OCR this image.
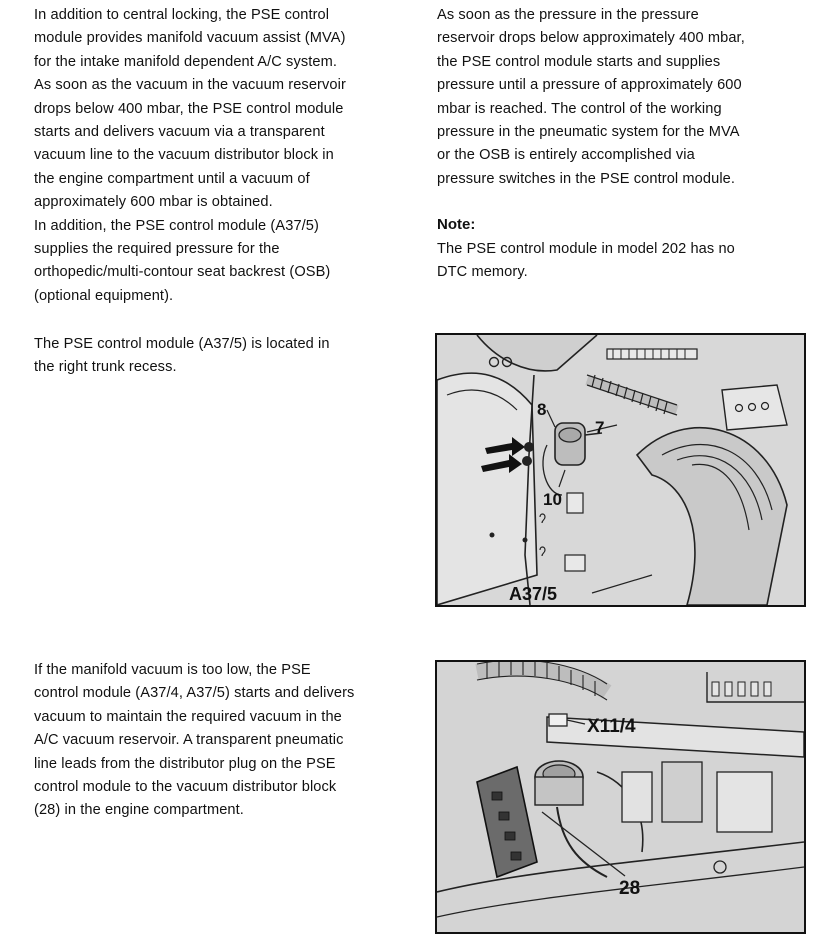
In addition to central locking, the PSE control
module provides manifold vacuum assist (MVA)
for the intake manifold dependent A/C system.
As soon as the vacuum in the vacuum reservoir
drops below 400 mbar, the PSE control module
starts and delivers vacuum via a transparent
vacuum line to the vacuum distributor block in
the engine compartment until a vacuum of
approximately 600 mbar is obtained.
In addition, the PSE control module (A37/5)
supplies the required pressure for the
orthopedic/multi-contour seat backrest (OSB)
(optional equipment).
The PSE control module (A37/5) is located in
the right trunk recess.
If the manifold vacuum is too low, the PSE
control module (A37/4, A37/5) starts and delivers
vacuum to maintain the required vacuum in the
A/C vacuum reservoir. A transparent pneumatic
line leads from the distributor plug on the PSE
control module to the vacuum distributor block
(28) in the engine compartment.
As soon as the pressure in the pressure
reservoir drops below approximately 400 mbar,
the PSE control module starts and supplies
pressure until a pressure of approximately 600
mbar is reached. The control of the working
pressure in the pneumatic system for the MVA
or the OSB is entirely accomplished via
pressure switches in the PSE control module.
Note:
The PSE control module in model 202 has no
DTC memory.
8
7
10
A37/5
X11/4
28
